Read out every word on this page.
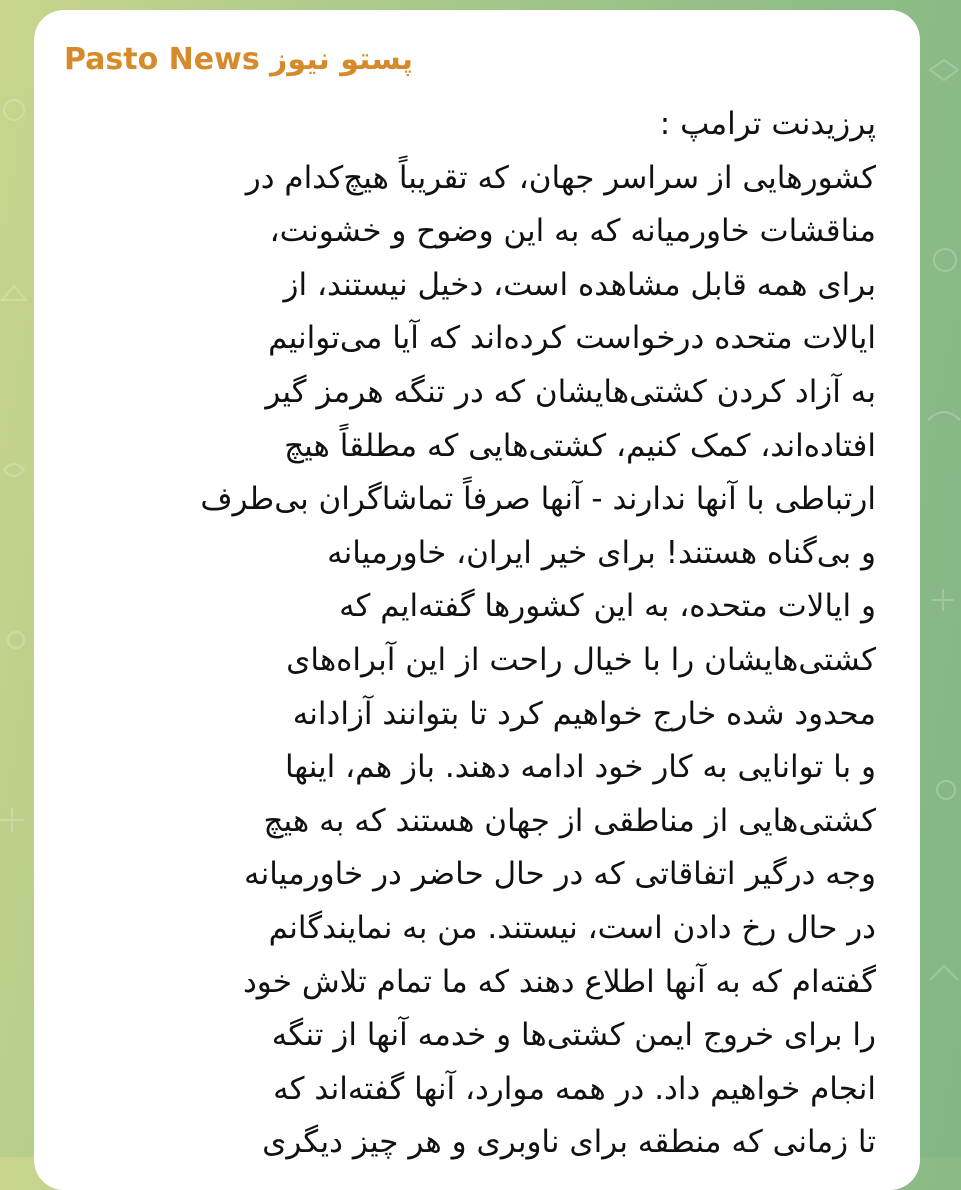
Pasto News پستو نیوز
پرزیدنت ترامپ :
کشورهایی از سراسر جهان، که تقریباً هیچ‌کدام در
مناقشات خاورمیانه که به این وضوح و خشونت،
برای همه قابل مشاهده است، دخیل نیستند، از
ایالات متحده درخواست کرده‌اند که آیا می‌توانیم
به آزاد کردن کشتی‌هایشان که در تنگه هرمز گیر
افتاده‌اند، کمک کنیم، کشتی‌هایی که مطلقاً هیچ
ارتباطی با آنها ندارند - آنها صرفاً تماشاگران بی‌طرف
و بی‌گناه هستند! برای خیر ایران، خاورمیانه
و ایالات متحده، به این کشورها گفته‌ایم که
کشتی‌هایشان را با خیال راحت از این آبراه‌های
محدود شده خارج خواهیم کرد تا بتوانند آزادانه
و با توانایی به کار خود ادامه دهند. باز هم، اینها
کشتی‌هایی از مناطقی از جهان هستند که به هیچ
وجه درگیر اتفاقاتی که در حال حاضر در خاورمیانه
در حال رخ دادن است، نیستند. من به نمایندگانم
گفته‌ام که به آنها اطلاع دهند که ما تمام تلاش خود
را برای خروج ایمن کشتی‌ها و خدمه آنها از تنگه
انجام خواهیم داد. در همه موارد، آنها گفته‌اند که
تا زمانی که منطقه برای ناوبری و هر چیز دیگری
